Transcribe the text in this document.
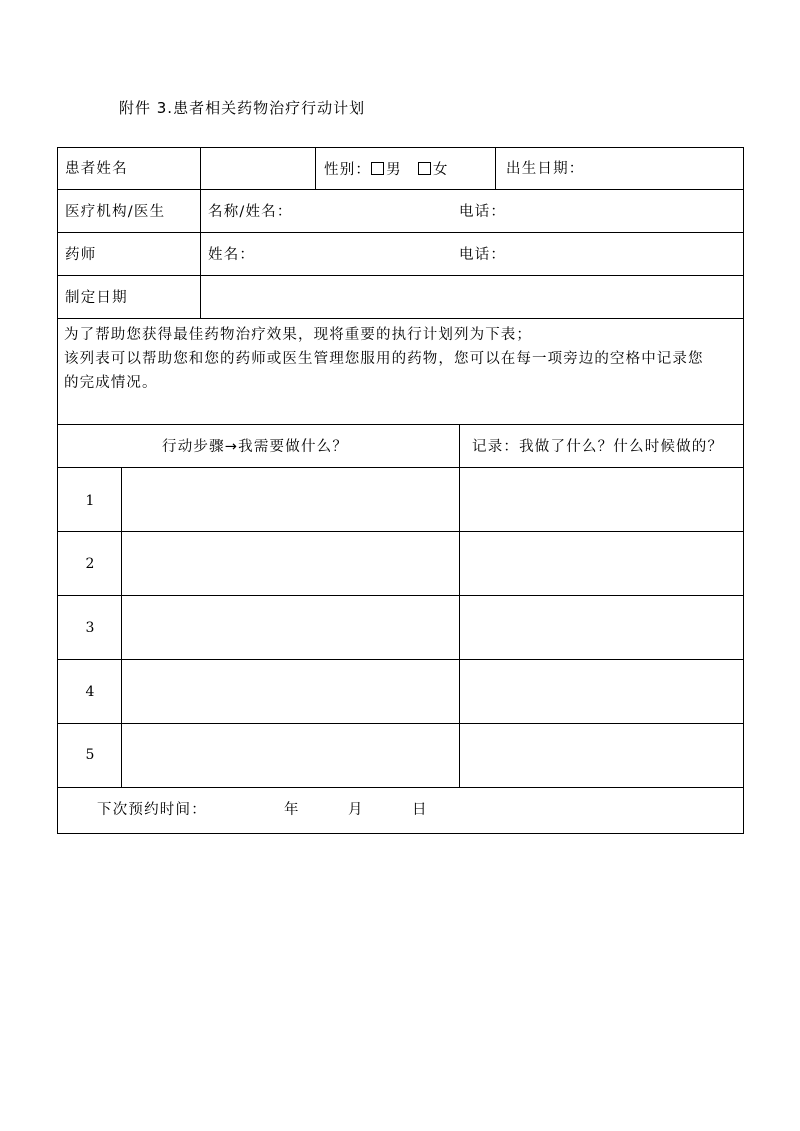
附件 3.患者相关药物治疗行动计划
患者姓名	性别： 男 女	出生日期：
医疗机构/医生	名称/姓名：	电话：
药师	姓名：	电话：
制定日期
为了帮助您获得最佳药物治疗效果，现将重要的执行计划列为下表；
该列表可以帮助您和您的药师或医生管理您服用的药物，您可以在每一项旁边的空格中记录您
的完成情况。
行动步骤→我需要做什么？	记录：我做了什么？什么时候做的？
1
2
3
4
5
下次预约时间：	年	月	日
